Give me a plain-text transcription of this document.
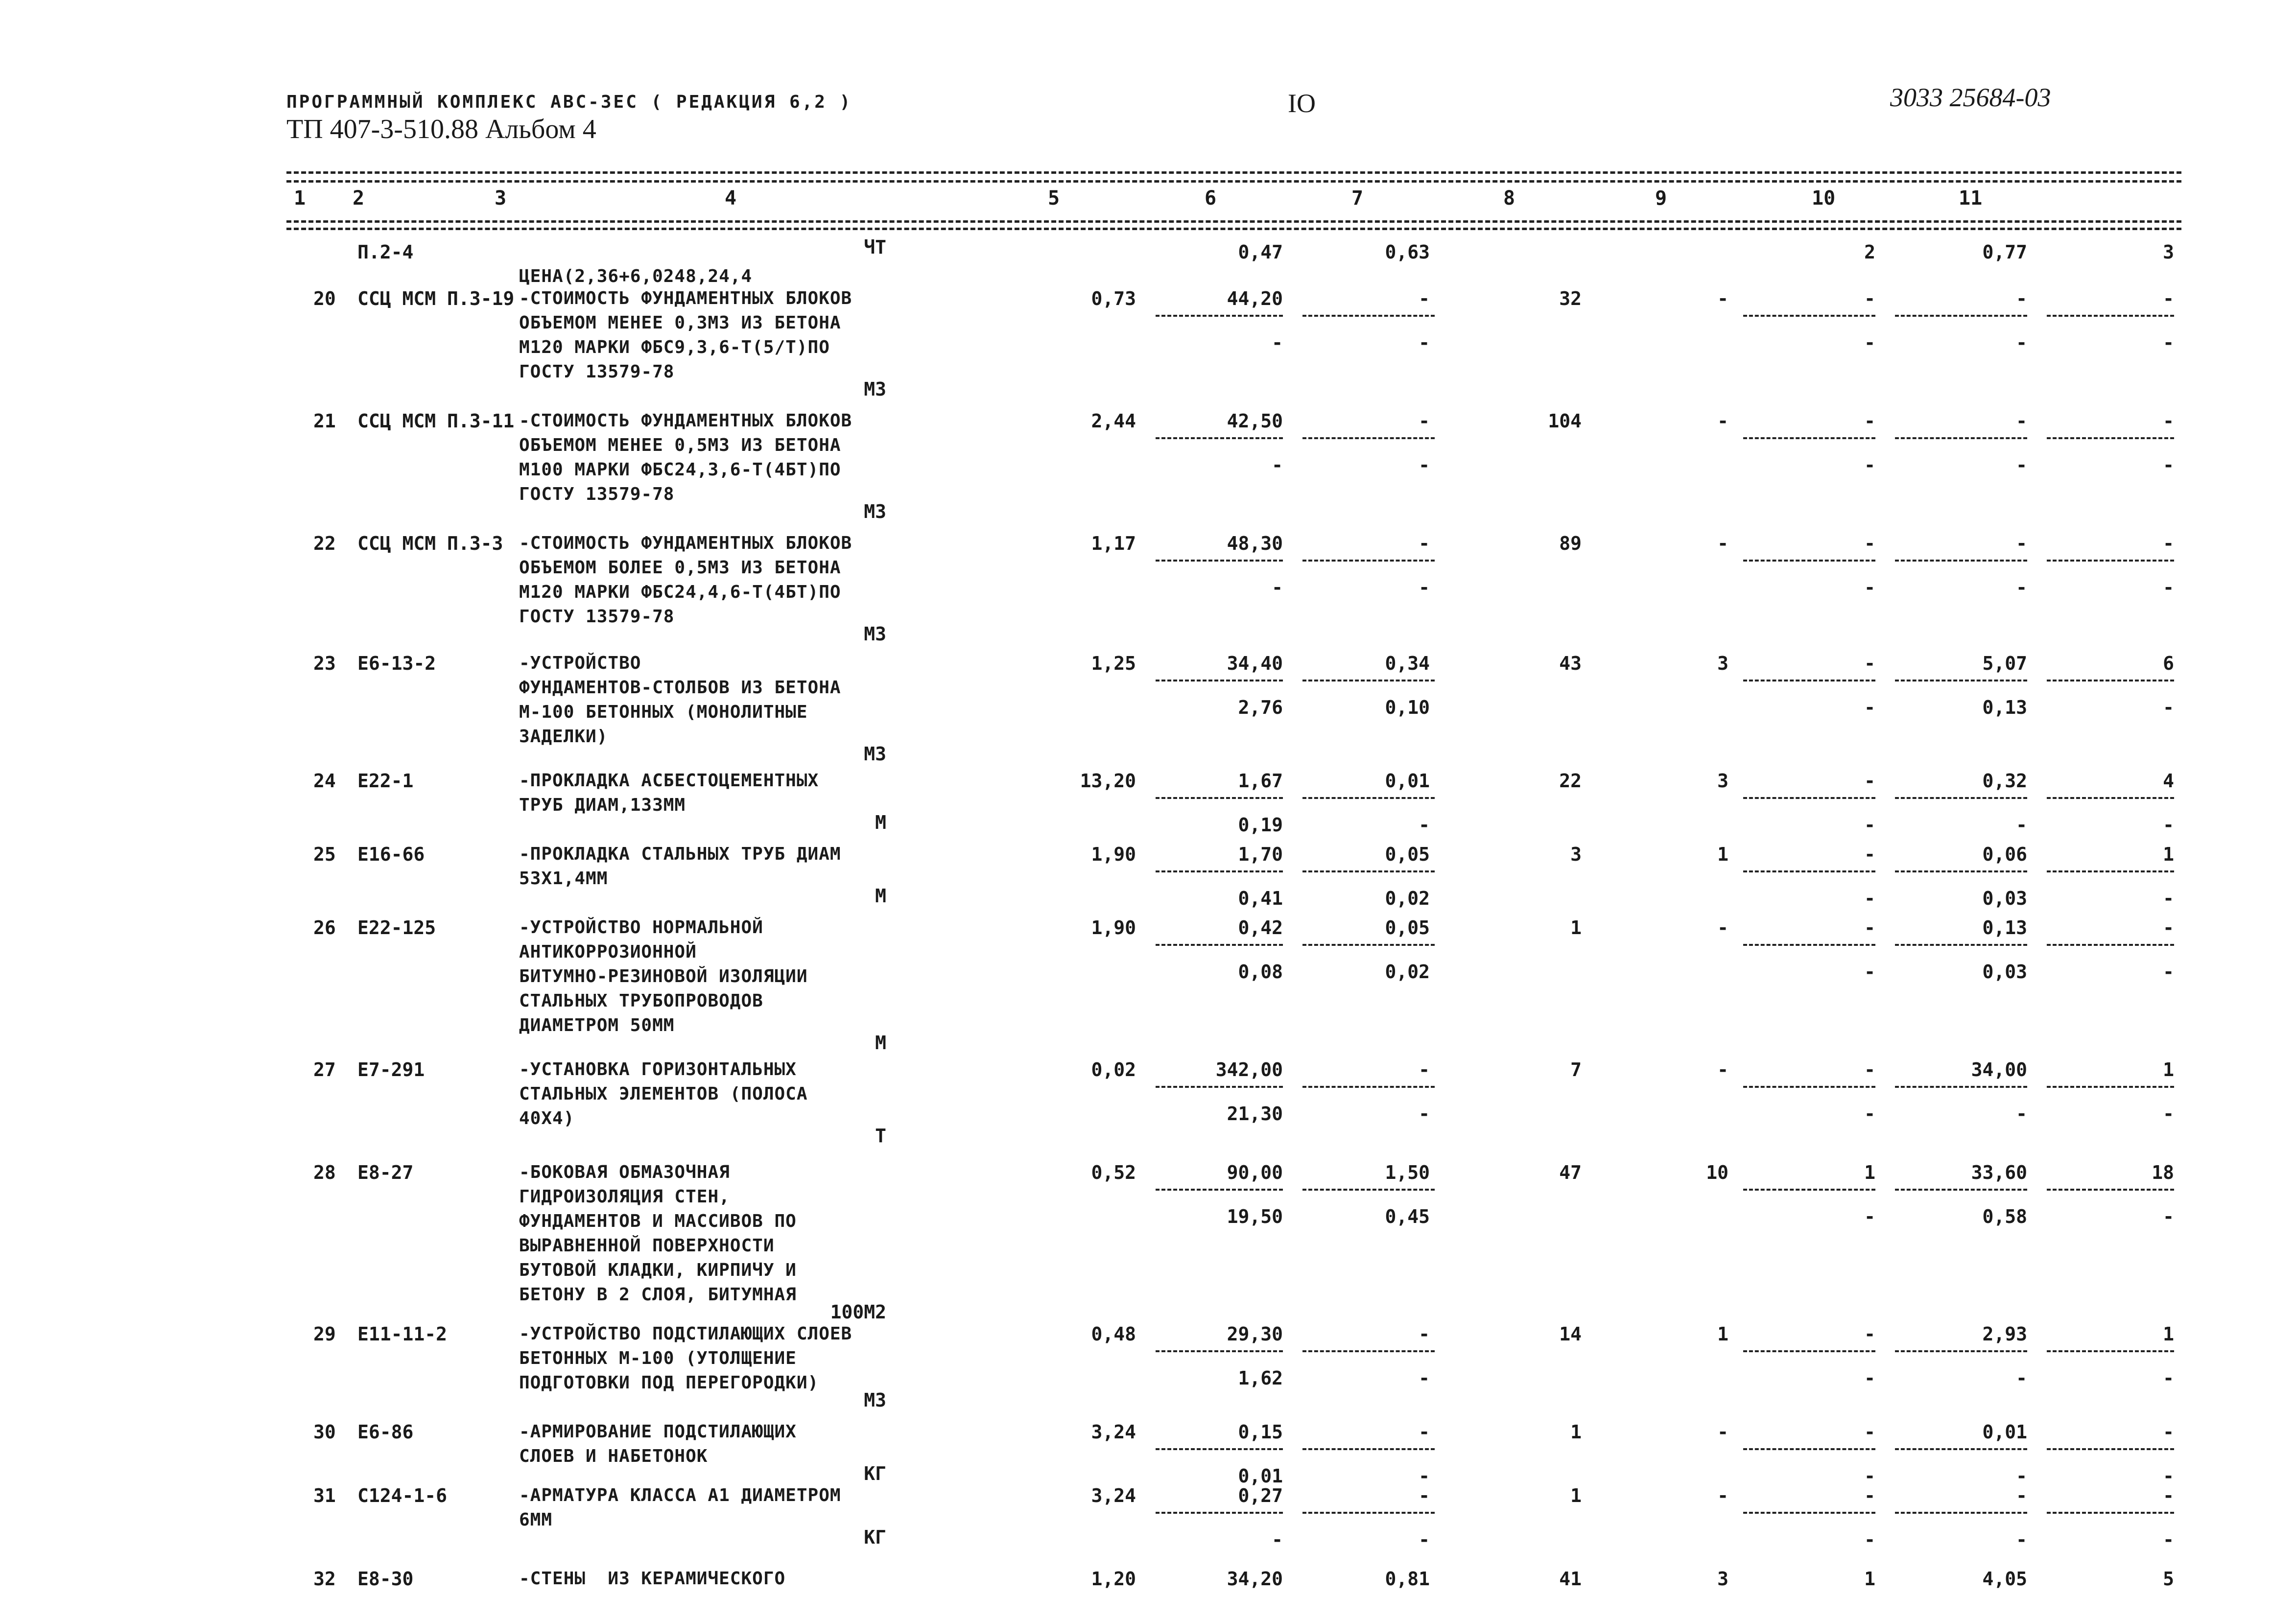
ПРОГРАММНЫЙ КОМПЛЕКС АВС-3ЕС ( РЕДАКЦИЯ 6,2 )	IO	3033 25684-03
ТП 407-3-510.88 Альбом 4
1 2	3	4	5	6	7	8	9	10	11
П.2-4
ЦЕНА(2,36+6,0248,24,4
ЧТ	0,47	0,63	2	0,77	3
20 ССЦ МСМ П.3-19 -СТОИМОСТЬ ФУНДАМЕНТНЫХ БЛОКОВ
ОБЪЕМОМ МЕНЕЕ 0,3М3 ИЗ БЕТОНА
М120 МАРКИ ФБС9,3,6-Т(5/Т)ПО
ГОСТУ 13579-78
М3
0,73	44,20	-	32	-	-	-	-
-	-	-	-	-
21 ССЦ МСМ П.3-11 -СТОИМОСТЬ ФУНДАМЕНТНЫХ БЛОКОВ
ОБЪЕМОМ МЕНЕЕ 0,5М3 ИЗ БЕТОНА
М100 МАРКИ ФБС24,3,6-Т(4БТ)ПО
ГОСТУ 13579-78
М3
2,44	42,50	-	104	-	-	-	-
-	-	-	-	-
22 ССЦ МСМ П.3-3 -СТОИМОСТЬ ФУНДАМЕНТНЫХ БЛОКОВ
ОБЪЕМОМ БОЛЕЕ 0,5М3 ИЗ БЕТОНА
М120 МАРКИ ФБС24,4,6-Т(4БТ)ПО
ГОСТУ 13579-78
М3
1,17	48,30	-	89	-	-	-	-
-	-	-	-	-
23 Е6-13-2	-УСТРОЙСТВО
ФУНДАМЕНТОВ-СТОЛБОВ ИЗ БЕТОНА
М-100 БЕТОННЫХ (МОНОЛИТНЫЕ
ЗАДЕЛКИ)
М3
1,25	34,40	0,34	43	3	-	5,07	6
2,76	0,10	-	0,13	-
24 Е22-1	-ПРОКЛАДКА АСБЕСТОЦЕМЕНТНЫХ
ТРУБ ДИАМ,133ММ
М
13,20	1,67	0,01	22	3	-	0,32	4
0,19	-	-	-	-
25 Е16-66	-ПРОКЛАДКА СТАЛЬНЫХ ТРУБ ДИАМ
53Х1,4ММ
М
1,90	1,70	0,05	3	1	-	0,06	1
0,41	0,02	-	0,03	-
26 Е22-125	-УСТРОЙСТВО НОРМАЛЬНОЙ
АНТИКОРРОЗИОННОЙ
БИТУМНО-РЕЗИНОВОЙ ИЗОЛЯЦИИ
СТАЛЬНЫХ ТРУБОПРОВОДОВ
ДИАМЕТРОМ 50ММ
М
1,90	0,42	0,05	1	-	-	0,13	-
0,08	0,02	-	0,03	-
27 Е7-291	-УСТАНОВКА ГОРИЗОНТАЛЬНЫХ
СТАЛЬНЫХ ЭЛЕМЕНТОВ (ПОЛОСА
40Х4)
Т
0,02	342,00	-	7	-	-	34,00	1
21,30	-	-	-	-
28 Е8-27	-БОКОВАЯ ОБМАЗОЧНАЯ
ГИДРОИЗОЛЯЦИЯ СТЕН,
ФУНДАМЕНТОВ И МАССИВОВ ПО
ВЫРАВНЕННОЙ ПОВЕРХНОСТИ
БУТОВОЙ КЛАДКИ, КИРПИЧУ И
БЕТОНУ В 2 СЛОЯ, БИТУМНАЯ
100М2
0,52	90,00	1,50	47	10	1	33,60	18
19,50	0,45	-	0,58	-
29 Е11-11-2	-УСТРОЙСТВО ПОДСТИЛАЮЩИХ СЛОЕВ
БЕТОННЫХ М-100 (УТОЛЩЕНИЕ
ПОДГОТОВКИ ПОД ПЕРЕГОРОДКИ)
М3
0,48	29,30	-	14	1	-	2,93	1
1,62	-	-	-	-
30 Е6-86	-АРМИРОВАНИЕ ПОДСТИЛАЮЩИХ
СЛОЕВ И НАБЕТОНОК
КГ
3,24	0,15	-	1	-	-	0,01	-
0,01	-	-	-	-
31 С124-1-6	-АРМАТУРА КЛАССА А1 ДИАМЕТРОМ
6ММ
КГ
3,24	0,27	-	1	-	-	-	-
-	-	-	-	-
32 Е8-30	-СТЕНЫ  ИЗ КЕРАМИЧЕСКОГО	1,20	34,20	0,81	41	3	1	4,05	5
